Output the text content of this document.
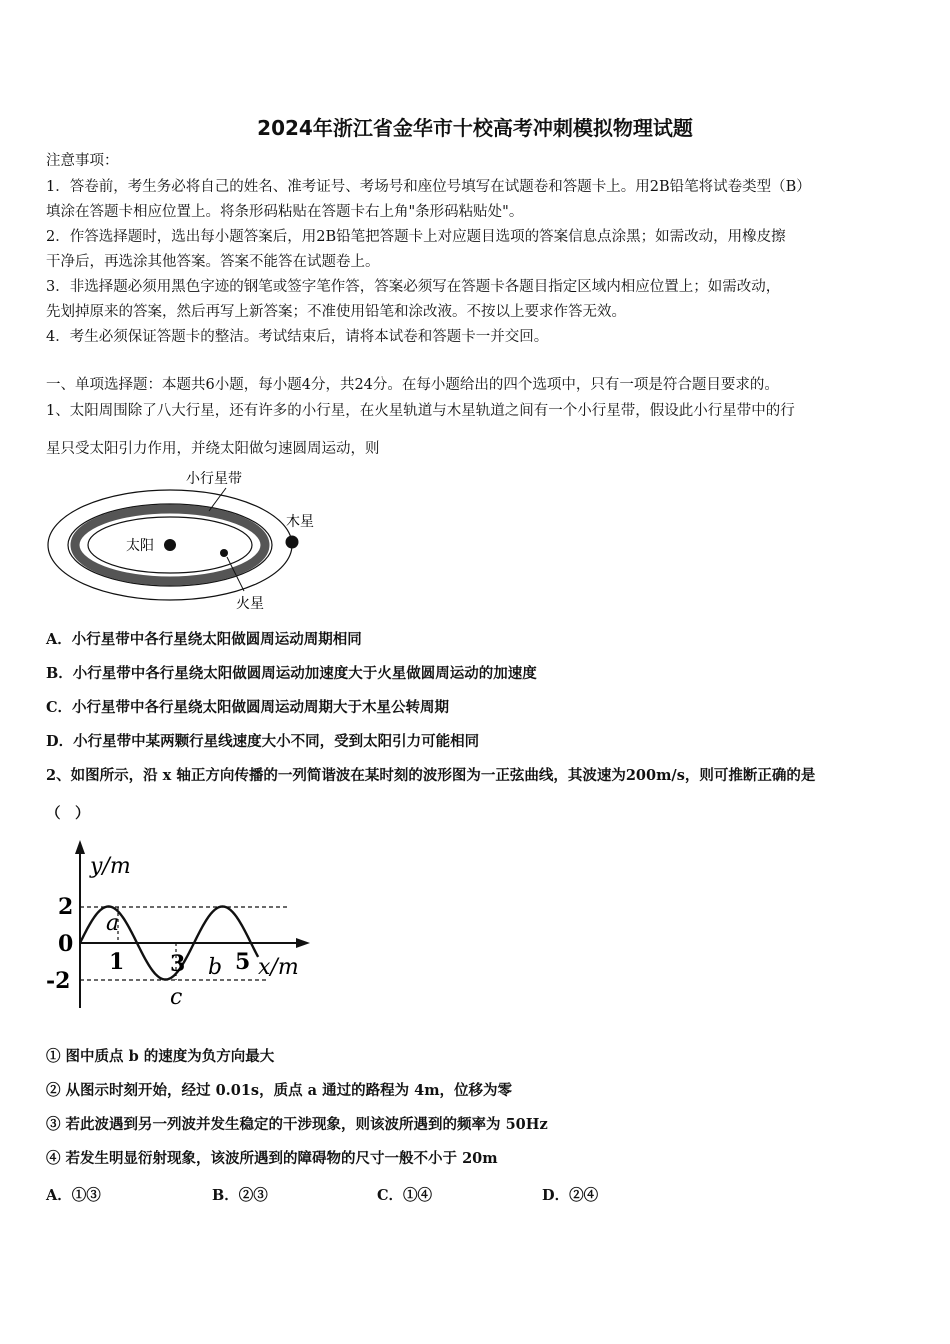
2024年浙江省金华市十校高考冲刺模拟物理试题
注意事项：
1．答卷前，考生务必将自己的姓名、准考证号、考场号和座位号填写在试题卷和答题卡上。用2B铅笔将试卷类型（B）
填涂在答题卡相应位置上。将条形码粘贴在答题卡右上角"条形码粘贴处"。
2．作答选择题时，选出每小题答案后，用2B铅笔把答题卡上对应题目选项的答案信息点涂黑；如需改动，用橡皮擦
干净后，再选涂其他答案。答案不能答在试题卷上。
3．非选择题必须用黑色字迹的钢笔或签字笔作答，答案必须写在答题卡各题目指定区域内相应位置上；如需改动，
先划掉原来的答案，然后再写上新答案；不准使用铅笔和涂改液。不按以上要求作答无效。
4．考生必须保证答题卡的整洁。考试结束后，请将本试卷和答题卡一并交回。
一、单项选择题：本题共6小题，每小题4分，共24分。在每小题给出的四个选项中，只有一项是符合题目要求的。
1、太阳周围除了八大行星，还有许多的小行星，在火星轨道与木星轨道之间有一个小行星带，假设此小行星带中的行
星只受太阳引力作用，并绕太阳做匀速圆周运动，则
小行星带
太阳
木星
火星
A．小行星带中各行星绕太阳做圆周运动周期相同
B．小行星带中各行星绕太阳做圆周运动加速度大于火星做圆周运动的加速度
C．小行星带中各行星绕太阳做圆周运动周期大于木星公转周期
D．小行星带中某两颗行星线速度大小不同，受到太阳引力可能相同
2、如图所示，沿 x 轴正方向传播的一列简谐波在某时刻的波形图为一正弦曲线，其波速为200m/s，则可推断正确的是
（　）
y/m
x/m
2
0
-2
1 3 5
a
b
c
① 图中质点 b 的速度为负方向最大
② 从图示时刻开始，经过 0.01s，质点 a 通过的路程为 4m，位移为零
③ 若此波遇到另一列波并发生稳定的干涉现象，则该波所遇到的频率为 50Hz
④ 若发生明显衍射现象，该波所遇到的障碍物的尺寸一般不小于 20m
A．①③	B．②③	C．①④	D．②④
